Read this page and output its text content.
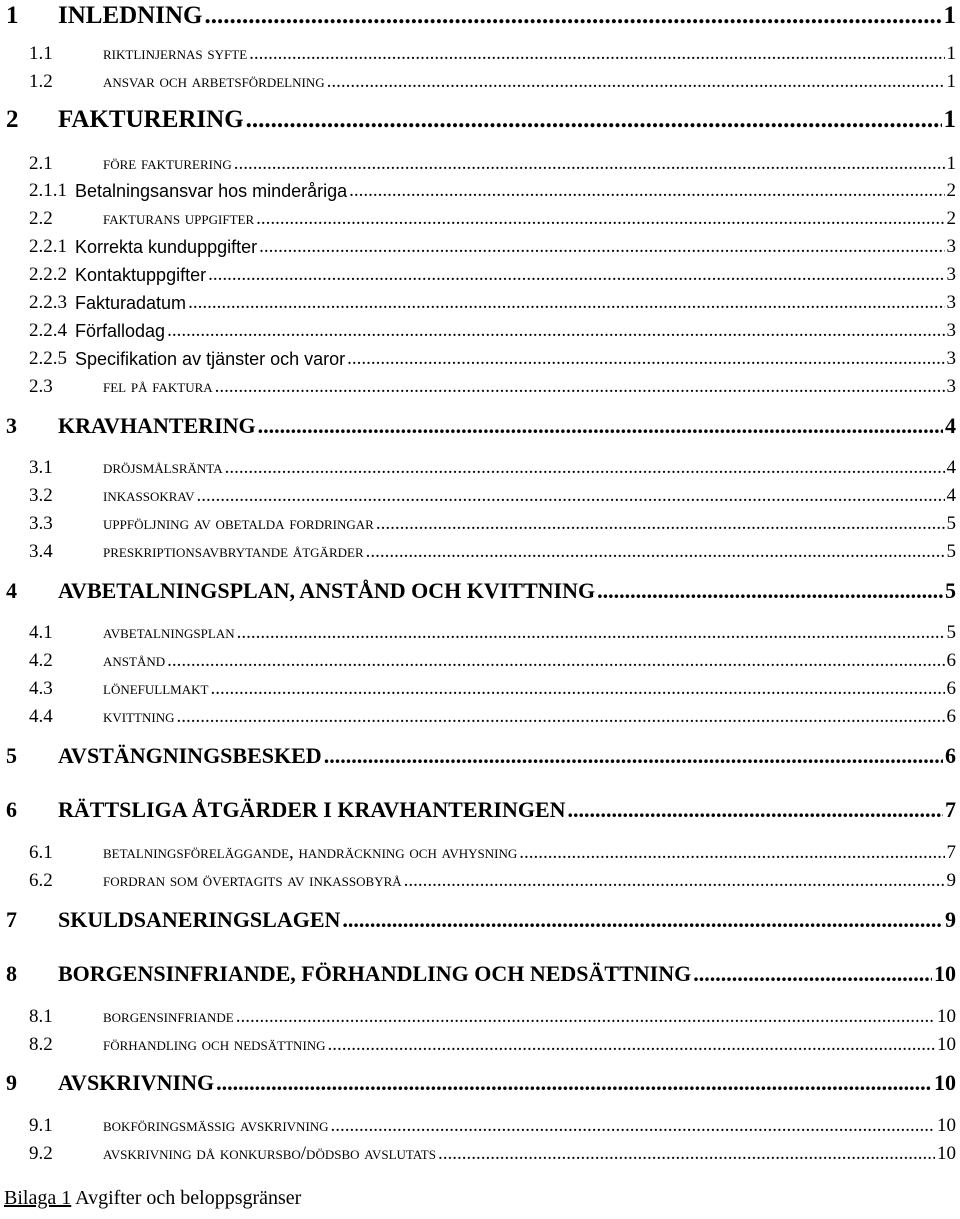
1	INLEDNING .....	1
1.1	riktlinjernas syfte .....	1
1.2	ansvar och arbetsfördelning .....	1
2	FAKTURERING .....	1
2.1	före fakturering .....	1
2.1.1 Betalningsansvar hos minderåriga .....	2
2.2	fakturans uppgifter .....	2
2.2.1 Korrekta kunduppgifter .....	3
2.2.2 Kontaktuppgifter .....	3
2.2.3 Fakturadatum .....	3
2.2.4 Förfallodag .....	3
2.2.5 Specifikation av tjänster och varor .....	3
2.3	fel på faktura .....	3
3	KRAVHANTERING .....	4
3.1	dröjsmålsränta .....	4
3.2	inkassokrav .....	4
3.3	uppföljning av obetalda fordringar .....	5
3.4	preskriptionsavbrytande åtgärder .....	5
4	AVBETALNINGSPLAN, ANSTÅND OCH KVITTNING .....	5
4.1	avbetalningsplan .....	5
4.2	anstånd .....	6
4.3	lönefullmakt .....	6
4.4	kvittning .....	6
5	AVSTÄNGNINGSBESKED .....	6
6	RÄTTSLIGA ÅTGÄRDER I KRAVHANTERINGEN .....	7
6.1	betalningsföreläggande, handräckning och avhysning .....	7
6.2	fordran som övertagits av inkassobyrå .....	9
7	SKULDSANERINGSLAGEN .....	9
8	BORGENSINFRIANDE, FÖRHANDLING OCH NEDSÄTTNING .....	10
8.1	borgensinfriande .....	10
8.2	förhandling och nedsättning .....	10
9	AVSKRIVNING .....	10
9.1	bokföringsmässig avskrivning .....	10
9.2	avskrivning då konkursbo/dödsbo avslutats .....	10
Bilaga 1 Avgifter och beloppsgränser
